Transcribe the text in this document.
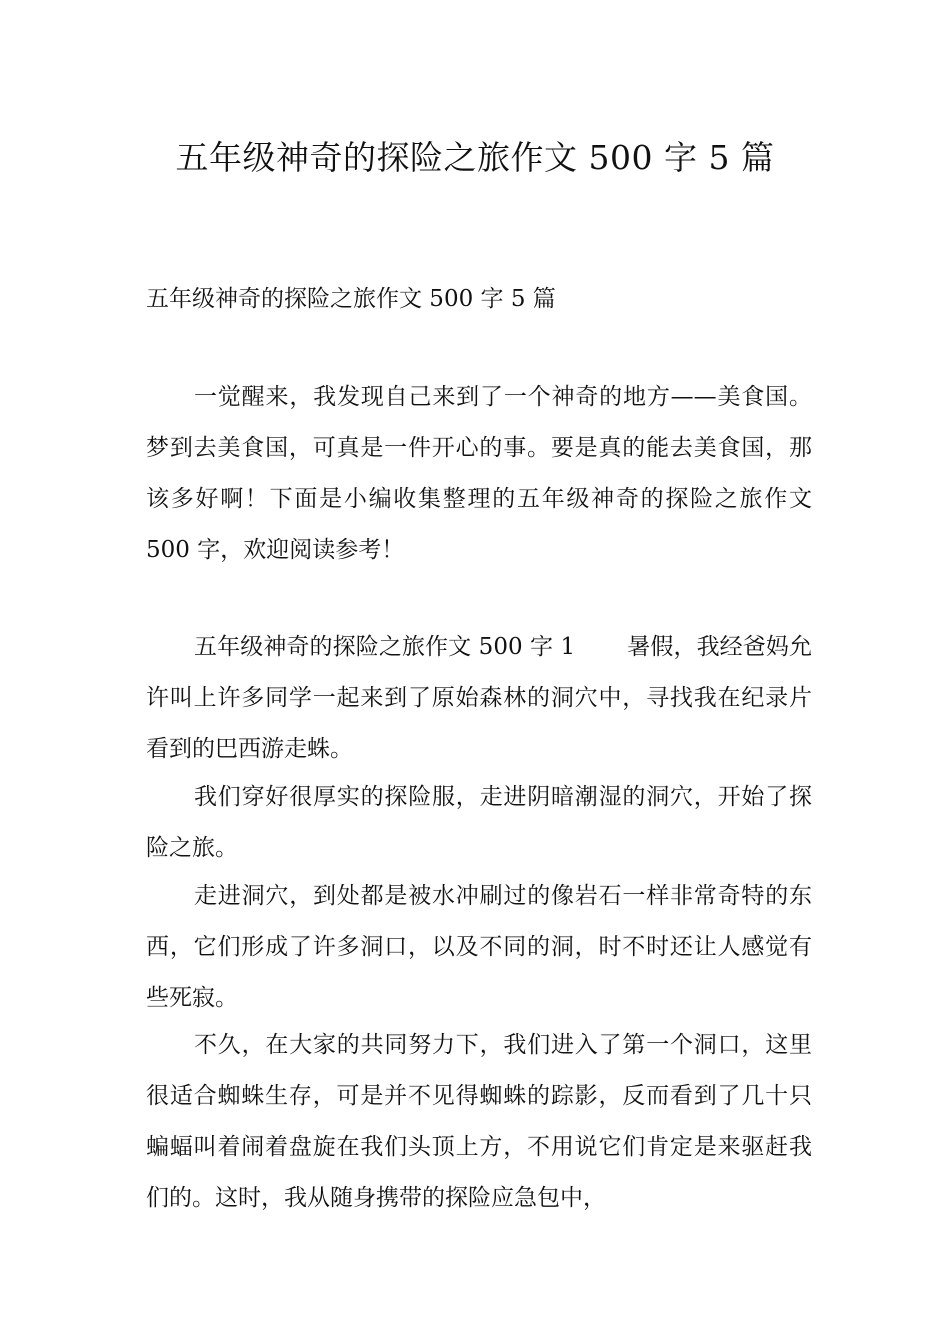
五年级神奇的探险之旅作文 500 字 5 篇

五年级神奇的探险之旅作文 500 字 5 篇

一觉醒来，我发现自己来到了一个神奇的地方——美食国。梦到去美食国，可真是一件开心的事。要是真的能去美食国，那该多好啊！下面是小编收集整理的五年级神奇的探险之旅作文 500 字，欢迎阅读参考！

五年级神奇的探险之旅作文 500 字 1 暑假，我经爸妈允许叫上许多同学一起来到了原始森林的洞穴中，寻找我在纪录片看到的巴西游走蛛。

我们穿好很厚实的探险服，走进阴暗潮湿的洞穴，开始了探险之旅。

走进洞穴，到处都是被水冲刷过的像岩石一样非常奇特的东西，它们形成了许多洞口，以及不同的洞，时不时还让人感觉有些死寂。

不久，在大家的共同努力下，我们进入了第一个洞口，这里很适合蜘蛛生存，可是并不见得蜘蛛的踪影，反而看到了几十只蝙蝠叫着闹着盘旋在我们头顶上方，不用说它们肯定是来驱赶我们的。这时，我从随身携带的探险应急包中，
